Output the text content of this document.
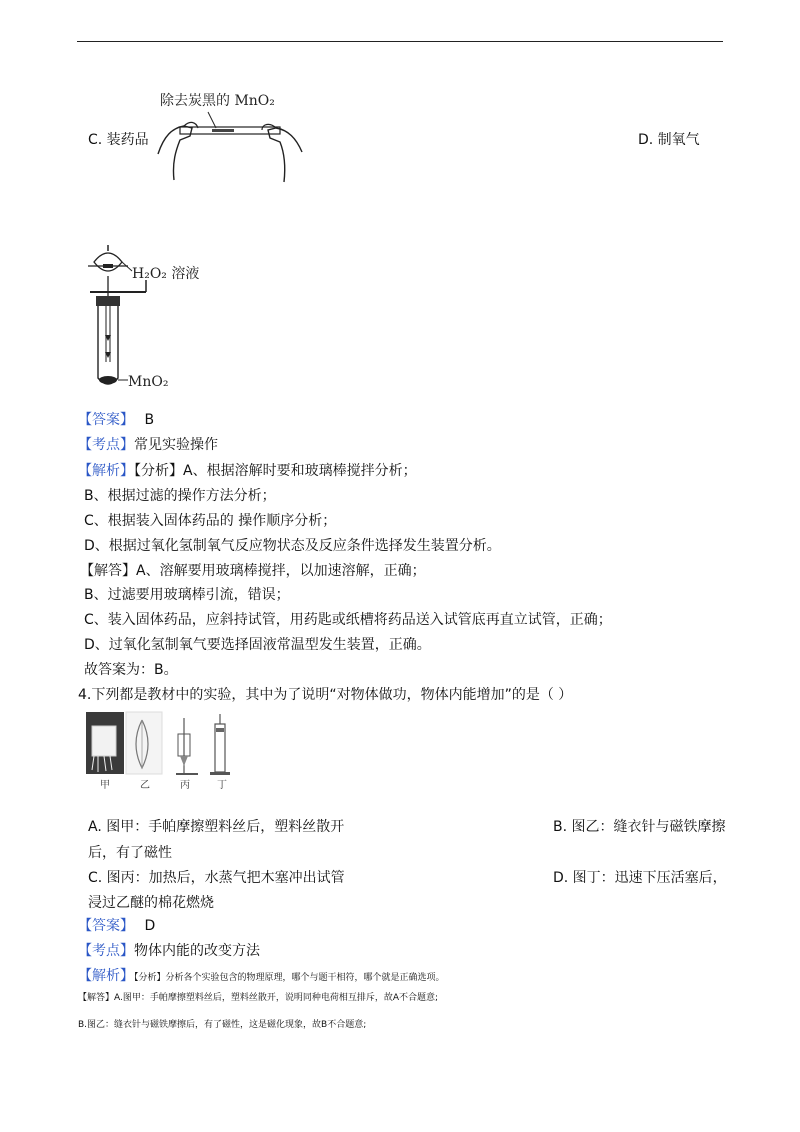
C. 装药品	D. 制氧气
除去炭黑的 MnO₂
H₂O₂ 溶液
MnO₂
【答案】 B
【考点】常见实验操作
【解析】【分析】A、根据溶解时要和玻璃棒搅拌分析；
B、根据过滤的操作方法分析；
C、根据装入固体药品的 操作顺序分析；
D、根据过氧化氢制氧气反应物状态及反应条件选择发生装置分析。
【解答】A、溶解要用玻璃棒搅拌，以加速溶解，正确；
B、过滤要用玻璃棒引流，错误；
C、装入固体药品，应斜持试管，用药匙或纸槽将药品送入试管底再直立试管，正确；
D、过氧化氢制氧气要选择固液常温型发生装置，正确。
故答案为：B。
4.下列都是教材中的实验，其中为了说明“对物体做功，物体内能增加”的是（ ）
甲	乙	丙	丁
A. 图甲：手帕摩擦塑料丝后，塑料丝散开	B. 图乙：缝衣针与磁铁摩擦
后，有了磁性
C. 图丙：加热后，水蒸气把木塞冲出试管	D. 图丁：迅速下压活塞后，
浸过乙醚的棉花燃烧
【答案】 D
【考点】物体内能的改变方法
【解析】【分析】分析各个实验包含的物理原理，哪个与题干相符，哪个就是正确选项。
【解答】A.图甲：手帕摩擦塑料丝后，塑料丝散开，说明同种电荷相互排斥，故A不合题意;
B.图乙：缝衣针与磁铁摩擦后，有了磁性，这是磁化现象，故B不合题意;
